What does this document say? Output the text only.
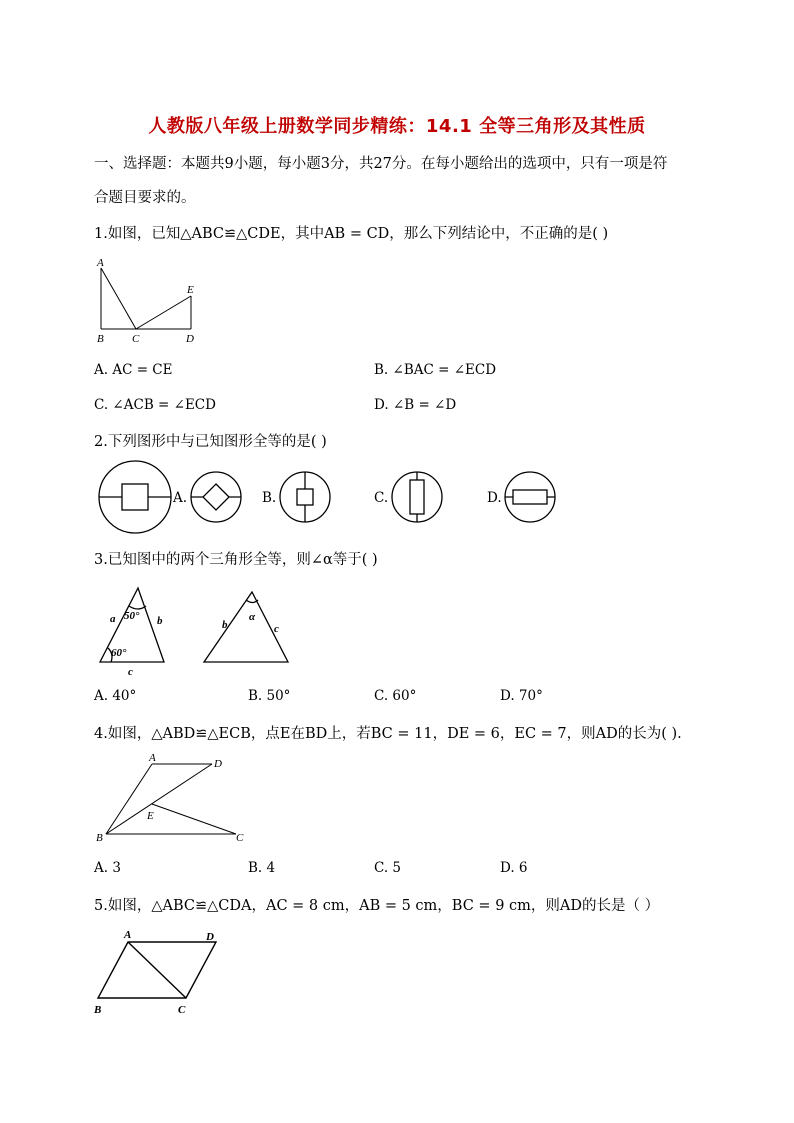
人教版八年级上册数学同步精练：14.1 全等三角形及其性质
一、选择题：本题共9小题，每小题3分，共27分。在每小题给出的选项中，只有一项是符
合题目要求的。
1.如图，已知△ABC≌△CDE，其中AB = CD，那么下列结论中，不正确的是( )
A
B	C	D
E
A. AC = CE	B. ∠BAC = ∠ECD
C. ∠ACB = ∠ECD	D. ∠B = ∠D
2.下列图形中与已知图形全等的是( )
A.	B.	C.	D.
3.已知图中的两个三角形全等，则∠α等于( )
a 50° b
60°
c
b
α
c
A. 40°	B. 50°	C. 60°	D. 70°
4.如图，△ABD≌△ECB，点E在BD上，若BC = 11，DE = 6，EC = 7，则AD的长为( ).
A	D
E
B	C
A. 3	B. 4	C. 5	D. 6
5.如图，△ABC≌△CDA，AC = 8 cm，AB = 5 cm，BC = 9 cm，则AD的长是（ ）
A	D
B	C
